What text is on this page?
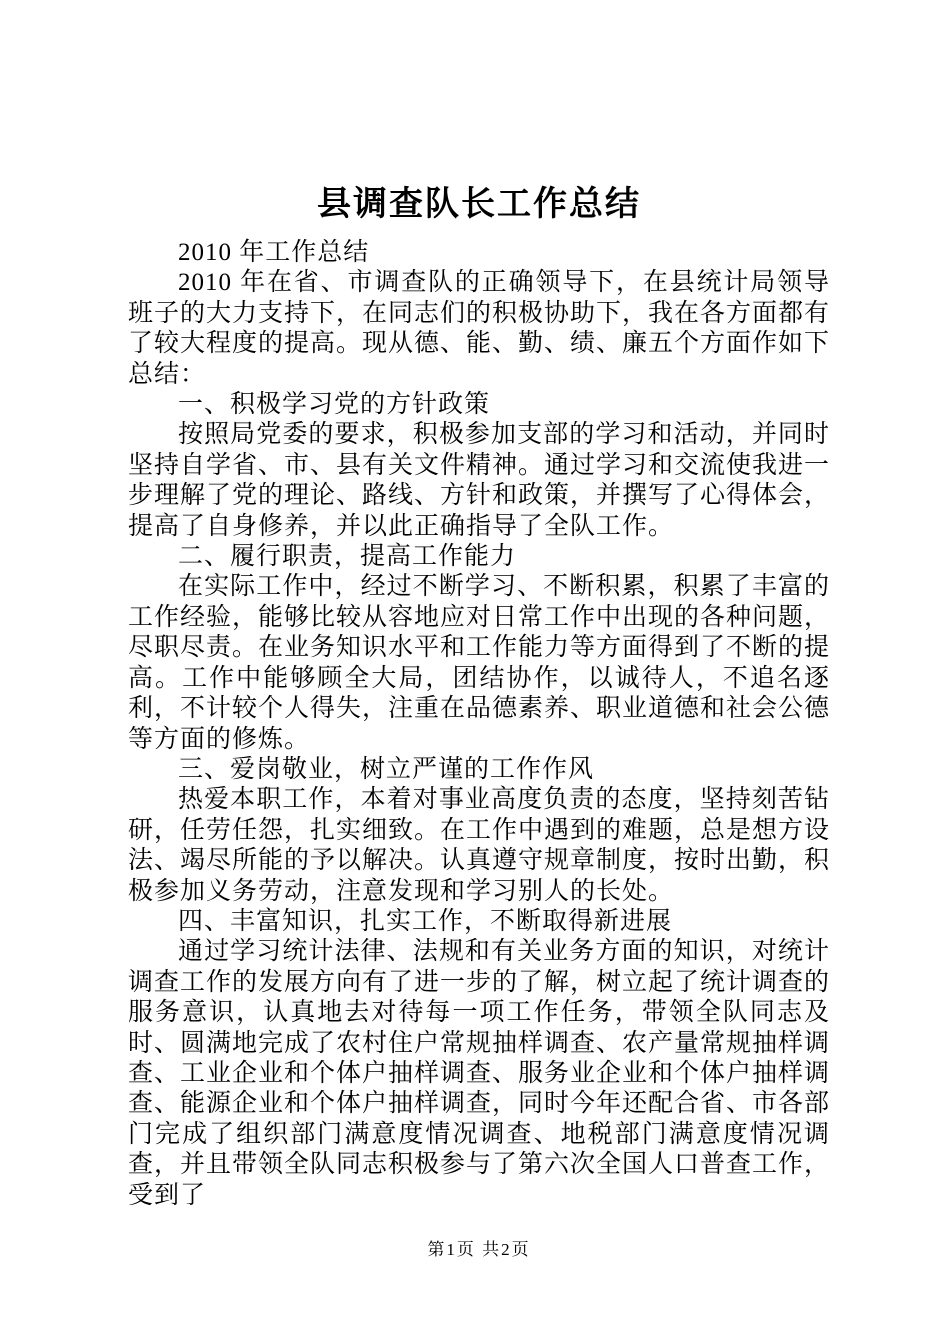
县调查队长工作总结

2010 年工作总结

2010 年在省、市调查队的正确领导下，在县统计局领导班子的大力支持下，在同志们的积极协助下，我在各方面都有了较大程度的提高。现从德、能、勤、绩、廉五个方面作如下总结：

一、积极学习党的方针政策

按照局党委的要求，积极参加支部的学习和活动，并同时坚持自学省、市、县有关文件精神。通过学习和交流使我进一步理解了党的理论、路线、方针和政策，并撰写了心得体会，提高了自身修养，并以此正确指导了全队工作。

二、履行职责，提高工作能力

在实际工作中，经过不断学习、不断积累，积累了丰富的工作经验，能够比较从容地应对日常工作中出现的各种问题，尽职尽责。在业务知识水平和工作能力等方面得到了不断的提高。工作中能够顾全大局，团结协作，以诚待人，不追名逐利，不计较个人得失，注重在品德素养、职业道德和社会公德等方面的修炼。

三、爱岗敬业，树立严谨的工作作风

热爱本职工作，本着对事业高度负责的态度，坚持刻苦钻研，任劳任怨，扎实细致。在工作中遇到的难题，总是想方设法、竭尽所能的予以解决。认真遵守规章制度，按时出勤，积极参加义务劳动，注意发现和学习别人的长处。

四、丰富知识，扎实工作，不断取得新进展

通过学习统计法律、法规和有关业务方面的知识，对统计调查工作的发展方向有了进一步的了解，树立起了统计调查的服务意识，认真地去对待每一项工作任务，带领全队同志及时、圆满地完成了农村住户常规抽样调查、农产量常规抽样调查、工业企业和个体户抽样调查、服务业企业和个体户抽样调查、能源企业和个体户抽样调查，同时今年还配合省、市各部门完成了组织部门满意度情况调查、地税部门满意度情况调查，并且带领全队同志积极参与了第六次全国人口普查工作，受到了

第1页 共2页
